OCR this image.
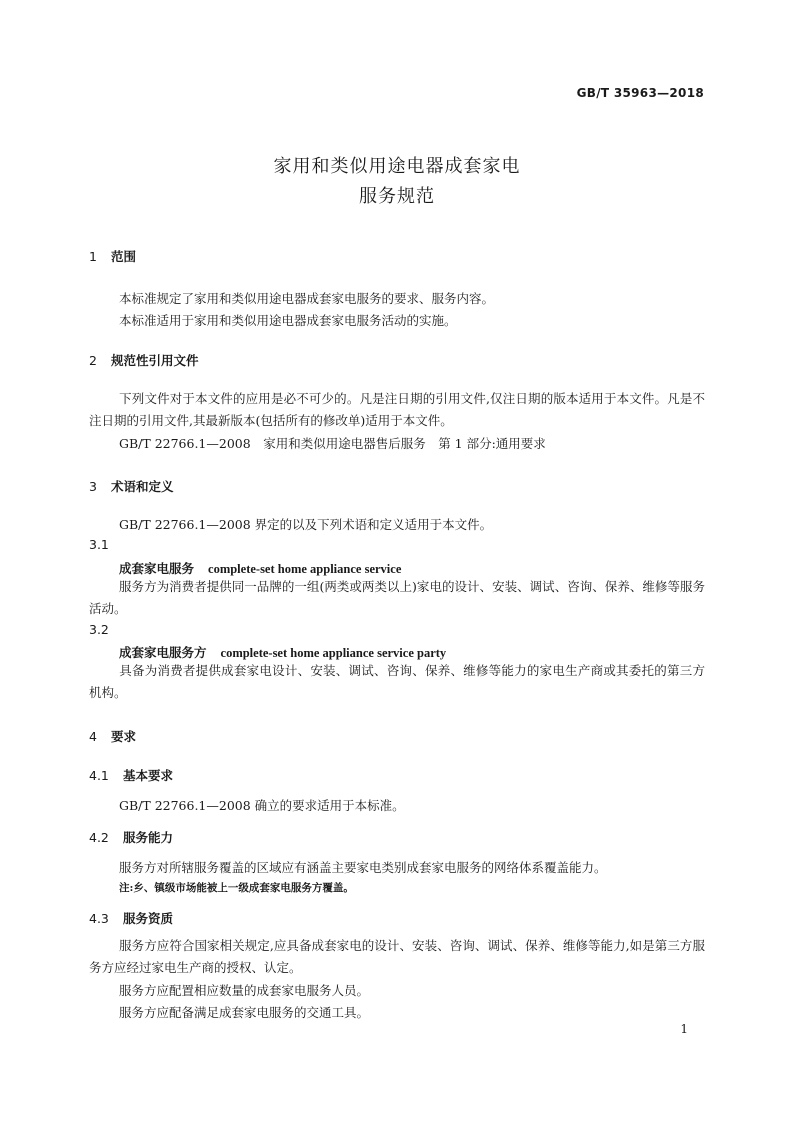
GB/T 35963—2018
家用和类似用途电器成套家电
服务规范
1 范围
本标准规定了家用和类似用途电器成套家电服务的要求、服务内容。
本标准适用于家用和类似用途电器成套家电服务活动的实施。
2 规范性引用文件
下列文件对于本文件的应用是必不可少的。凡是注日期的引用文件,仅注日期的版本适用于本文件。凡是不注日期的引用文件,其最新版本(包括所有的修改单)适用于本文件。
GB/T 22766.1—2008　家用和类似用途电器售后服务　第 1 部分:通用要求
3 术语和定义
GB/T 22766.1—2008 界定的以及下列术语和定义适用于本文件。
3.1
成套家电服务 complete-set home appliance service
服务方为消费者提供同一品牌的一组(两类或两类以上)家电的设计、安装、调试、咨询、保养、维修等服务活动。
3.2
成套家电服务方 complete-set home appliance service party
具备为消费者提供成套家电设计、安装、调试、咨询、保养、维修等能力的家电生产商或其委托的第三方机构。
4 要求
4.1 基本要求
GB/T 22766.1—2008 确立的要求适用于本标准。
4.2 服务能力
服务方对所辖服务覆盖的区域应有涵盖主要家电类别成套家电服务的网络体系覆盖能力。
注:乡、镇级市场能被上一级成套家电服务方覆盖。
4.3 服务资质
服务方应符合国家相关规定,应具备成套家电的设计、安装、咨询、调试、保养、维修等能力,如是第三方服务方应经过家电生产商的授权、认定。
服务方应配置相应数量的成套家电服务人员。
服务方应配备满足成套家电服务的交通工具。
1
